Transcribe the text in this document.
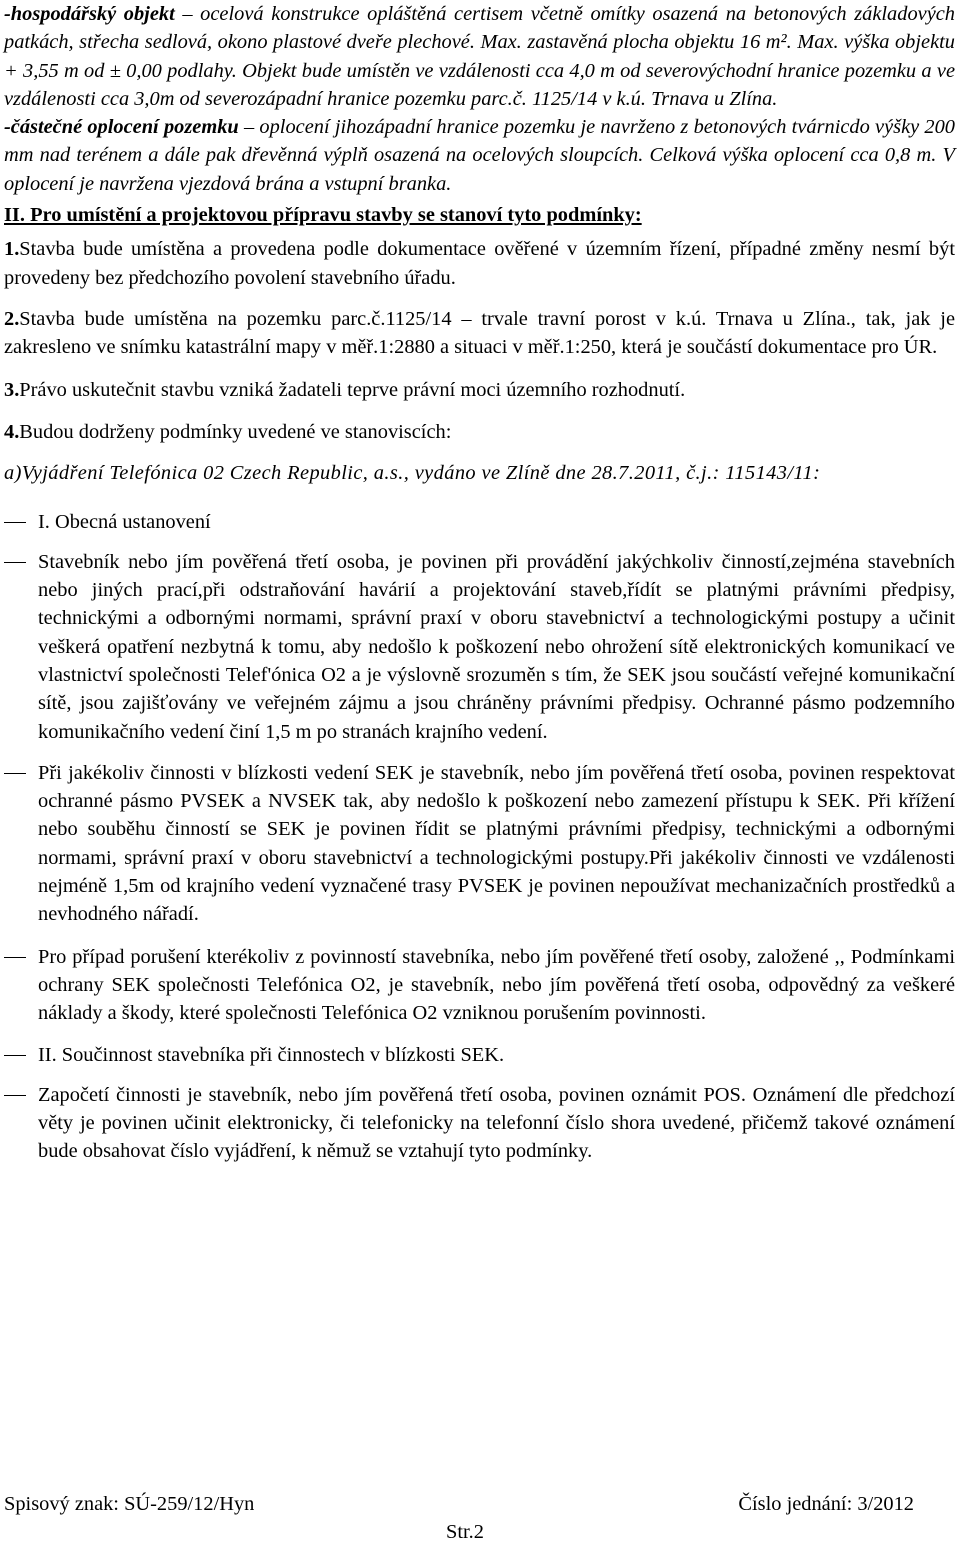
-hospodářský objekt – ocelová konstrukce opláštěná certisem včetně omítky osazená na betonových základových patkách, střecha sedlová, okono plastové dveře plechové. Max. zastavěná plocha objektu 16 m². Max. výška objektu + 3,55 m od ± 0,00 podlahy. Objekt bude umístěn ve vzdálenosti cca 4,0 m od severovýchodní hranice pozemku a ve vzdálenosti cca 3,0m od severozápadní hranice pozemku parc.č. 1125/14 v k.ú. Trnava u Zlína.

-částečné oplocení pozemku – oplocení jihozápadní hranice pozemku je navrženo z betonových tvárnicdo výšky 200 mm nad terénem a dále pak dřevěnná výplň osazená na ocelových sloupcích. Celková výška oplocení cca 0,8 m. V oplocení je navržena vjezdová brána a vstupní branka.

II. Pro umístění a projektovou přípravu stavby se stanoví tyto podmínky:

1.Stavba bude umístěna a provedena podle dokumentace ověřené v územním řízení, případné změny nesmí být provedeny bez předchozího povolení stavebního úřadu.

2.Stavba bude umístěna na pozemku parc.č.1125/14 – trvale travní porost v k.ú. Trnava u Zlína., tak, jak je zakresleno ve snímku katastrální mapy v měř.1:2880 a situaci v měř.1:250, která je součástí dokumentace pro ÚR.

3.Právo uskutečnit stavbu vzniká žadateli teprve právní moci územního rozhodnutí.

4.Budou dodrženy podmínky uvedené ve stanoviscích:

a)Vyjádření Telefónica 02 Czech Republic, a.s., vydáno ve Zlíně dne 28.7.2011, č.j.: 115143/11:

I. Obecná ustanovení

Stavebník nebo jím pověřená třetí osoba, je povinen při provádění jakýchkoliv činností,zejména stavebních nebo jiných prací,při odstraňování havárií a projektování staveb,řídít se platnými právními předpisy, technickými a odbornými normami, správní praxí v oboru stavebnictví a technologickými postupy a učinit veškerá opatření nezbytná k tomu, aby nedošlo k poškození nebo ohrožení sítě elektronických komunikací ve vlastnictví společnosti Telef'ónica O2 a je výslovně srozuměn s tím, že SEK jsou součástí veřejné komunikační sítě, jsou zajišťovány ve veřejném zájmu a jsou chráněny právními předpisy. Ochranné pásmo podzemního komunikačního vedení činí 1,5 m po stranách krajního vedení.

Při jakékoliv činnosti v blízkosti vedení SEK je stavebník, nebo jím pověřená třetí osoba, povinen respektovat ochranné pásmo PVSEK a NVSEK tak, aby nedošlo k poškození nebo zamezení přístupu k SEK. Při křížení nebo souběhu činností se SEK je povinen řídit se platnými právními předpisy, technickými a odbornými normami, správní praxí v oboru stavebnictví a technologickými postupy.Při jakékoliv činnosti ve vzdálenosti nejméně 1,5m od krajního vedení vyznačené trasy PVSEK je povinen nepoužívat mechanizačních prostředků a nevhodného nářadí.

Pro případ porušení kterékoliv z povinností stavebníka, nebo jím pověřené třetí osoby, založené ,, Podmínkami ochrany SEK společnosti Telefónica O2, je stavebník, nebo jím pověřená třetí osoba, odpovědný za veškeré náklady a škody, které společnosti Telefónica O2 vzniknou porušením povinnosti.

II. Součinnost stavebníka při činnostech v blízkosti SEK.

Započetí činnosti je stavebník, nebo jím pověřená třetí osoba, povinen oznámit POS. Oznámení dle předchozí věty je povinen učinit elektronicky, či telefonicky na telefonní číslo shora uvedené, přičemž takové oznámení bude obsahovat číslo vyjádření, k němuž se vztahují tyto podmínky.

Spisový znak: SÚ-259/12/Hyn	Číslo jednání: 3/2012
Str.2
